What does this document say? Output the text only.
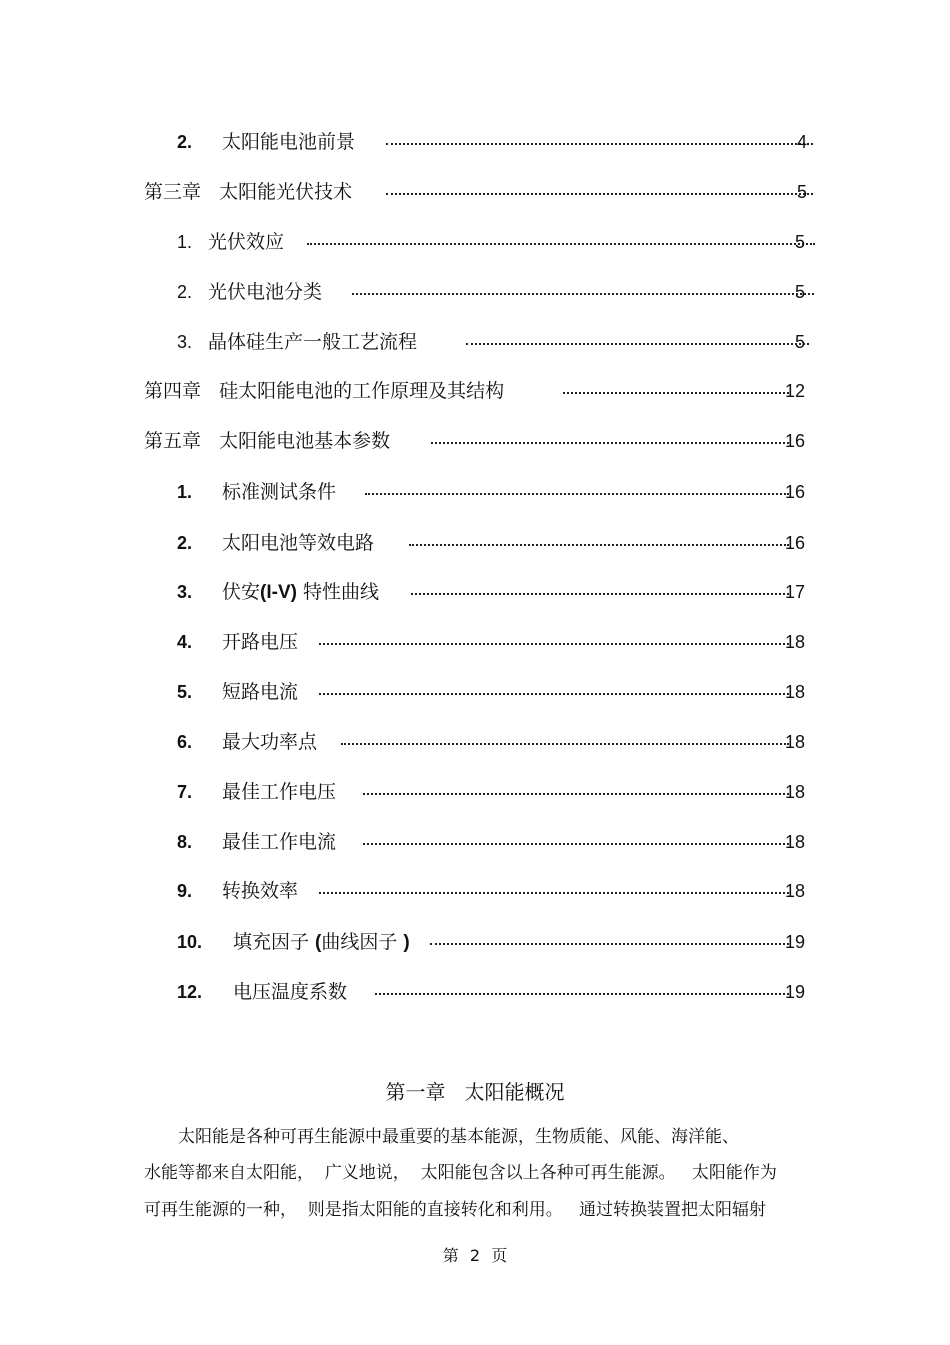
2. 太阳能电池前景	4
第三章   太阳能光伏技术	5
1. 光伏效应	5
2. 光伏电池分类	5
3. 晶体硅生产一般工艺流程	5
第四章   硅太阳能电池的工作原理及其结构	12
第五章   太阳能电池基本参数	16
1. 标准测试条件	16
2. 太阳电池等效电路	16
3. 伏安(I-V) 特性曲线	17
4. 开路电压	18
5. 短路电流	18
6. 最大功率点	18
7. 最佳工作电压	18
8. 最佳工作电流	18
9. 转换效率	18
10. 填充因子 (曲线因子 )	19
12. 电压温度系数	19
第一章   太阳能概况
太阳能是各种可再生能源中最重要的基本能源，生物质能、风能、海洋能、
水能等都来自太阳能，  广义地说，  太阳能包含以上各种可再生能源。   太阳能作为
可再生能源的一种，  则是指太阳能的直接转化和利用。   通过转换装置把太阳辐射
第 2 页
